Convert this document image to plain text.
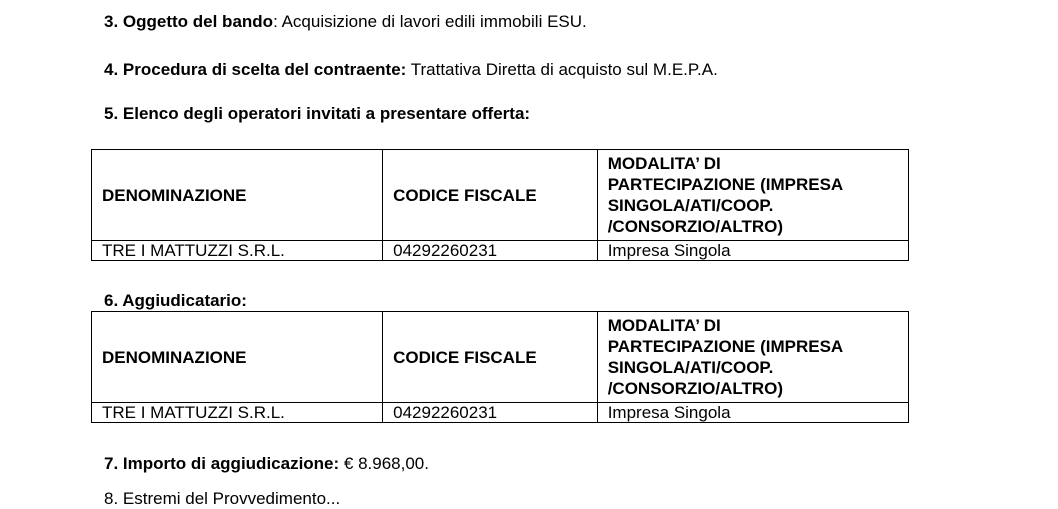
3. Oggetto del bando: Acquisizione di lavori edili immobili ESU.
4. Procedura di scelta del contraente: Trattativa Diretta di acquisto sul M.E.P.A.
5. Elenco degli operatori invitati a presentare offerta:
DENOMINAZIONE	CODICE FISCALE	MODALITA’ DI
PARTECIPAZIONE (IMPRESA
SINGOLA/ATI/COOP.
/CONSORZIO/ALTRO)

TRE I MATTUZZI S.R.L.	04292260231	Impresa Singola
6. Aggiudicatario:
DENOMINAZIONE	CODICE FISCALE	MODALITA’ DI
PARTECIPAZIONE (IMPRESA
SINGOLA/ATI/COOP.
/CONSORZIO/ALTRO)

TRE I MATTUZZI S.R.L.	04292260231	Impresa Singola
7. Importo di aggiudicazione: € 8.968,00.
8. Estremi del Provvedimento...
